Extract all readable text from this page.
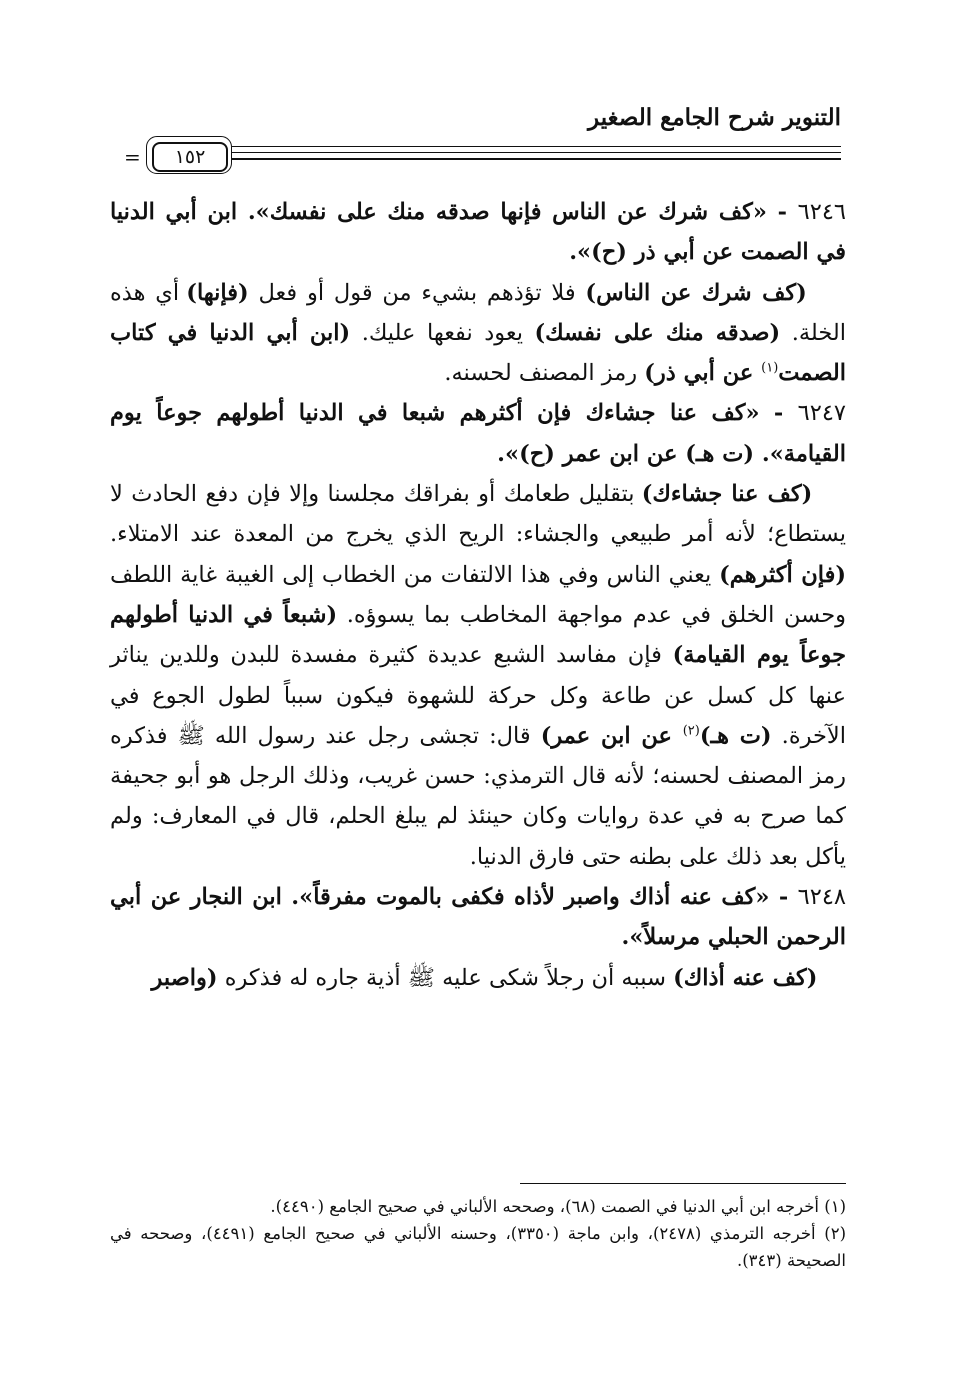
التنوير شرح الجامع الصغير
١٥٢
=

٦٢٤٦ - «كف شرك عن الناس فإنها صدقه منك على نفسك». ابن أبي الدنيا في الصمت عن أبي ذر (ح)».

(كف شرك عن الناس) فلا تؤذهم بشيء من قول أو فعل (فإنها) أي هذه الخلة. (صدقه منك على نفسك) يعود نفعها عليك. (ابن أبي الدنيا في كتاب الصمت$^{(١)}$ عن أبي ذر) رمز المصنف لحسنه.

٦٢٤٧ - «كف عنا جشاءك فإن أكثرهم شبعا في الدنيا أطولهم جوعاً يوم القيامة». (ت هـ) عن ابن عمر (ح)».

(كف عنا جشاءك) بتقليل طعامك أو بفراقك مجلسنا وإلا فإن دفع الحادث لا يستطاع؛ لأنه أمر طبيعي والجشاء: الريح الذي يخرج من المعدة عند الامتلاء. (فإن أكثرهم) يعني الناس وفي هذا الالتفات من الخطاب إلى الغيبة غاية اللطف وحسن الخلق في عدم مواجهة المخاطب بما يسوؤه. (شبعاً في الدنيا أطولهم جوعاً يوم القيامة) فإن مفاسد الشبع عديدة كثيرة مفسدة للبدن وللدين يناثر عنها كل كسل عن طاعة وكل حركة للشهوة فيكون سبباً لطول الجوع في الآخرة. (ت هـ)$^{(٢)}$ عن ابن عمر) قال: تجشى رجل عند رسول الله ﷺ فذكره رمز المصنف لحسنه؛ لأنه قال الترمذي: حسن غريب، وذلك الرجل هو أبو جحيفة كما صرح به في عدة روايات وكان حينئذ لم يبلغ الحلم، قال في المعارف: ولم يأكل بعد ذلك على بطنه حتى فارق الدنيا.

٦٢٤٨ - «كف عنه أذاك واصبر لأذاه فكفى بالموت مفرقاً». ابن النجار عن أبي الرحمن الحبلي مرسلاً».

(كف عنه أذاك) سببه أن رجلاً شكى عليه ﷺ أذية جاره له فذكره (واصبر

(١) أخرجه ابن أبي الدنيا في الصمت (٦٨)، وصححه الألباني في صحيح الجامع (٤٤٩٠).

(٢) أخرجه الترمذي (٢٤٧٨)، وابن ماجة (٣٣٥٠)، وحسنه الألباني في صحيح الجامع (٤٤٩١)، وصححه في الصحيحة (٣٤٣).
